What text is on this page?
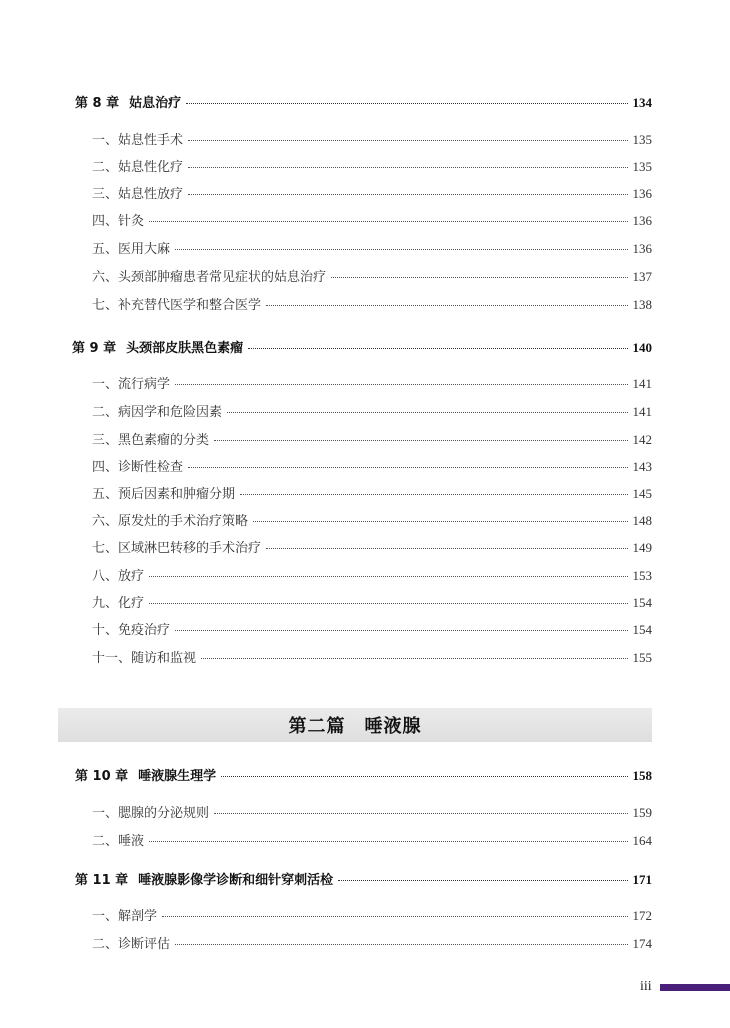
第 8 章 姑息治疗	134
一、姑息性手术	135
二、姑息性化疗	135
三、姑息性放疗	136
四、针灸	136
五、医用大麻	136
六、头颈部肿瘤患者常见症状的姑息治疗	137
七、补充替代医学和整合医学	138
第 9 章 头颈部皮肤黑色素瘤	140
一、流行病学	141
二、病因学和危险因素	141
三、黑色素瘤的分类	142
四、诊断性检查	143
五、预后因素和肿瘤分期	145
六、原发灶的手术治疗策略	148
七、区域淋巴转移的手术治疗	149
八、放疗	153
九、化疗	154
十、免疫治疗	154
十一、随访和监视	155
第二篇　唾液腺
第 10 章 唾液腺生理学	158
一、腮腺的分泌规则	159
二、唾液	164
第 11 章 唾液腺影像学诊断和细针穿刺活检	171
一、解剖学	172
二、诊断评估	174
iii
